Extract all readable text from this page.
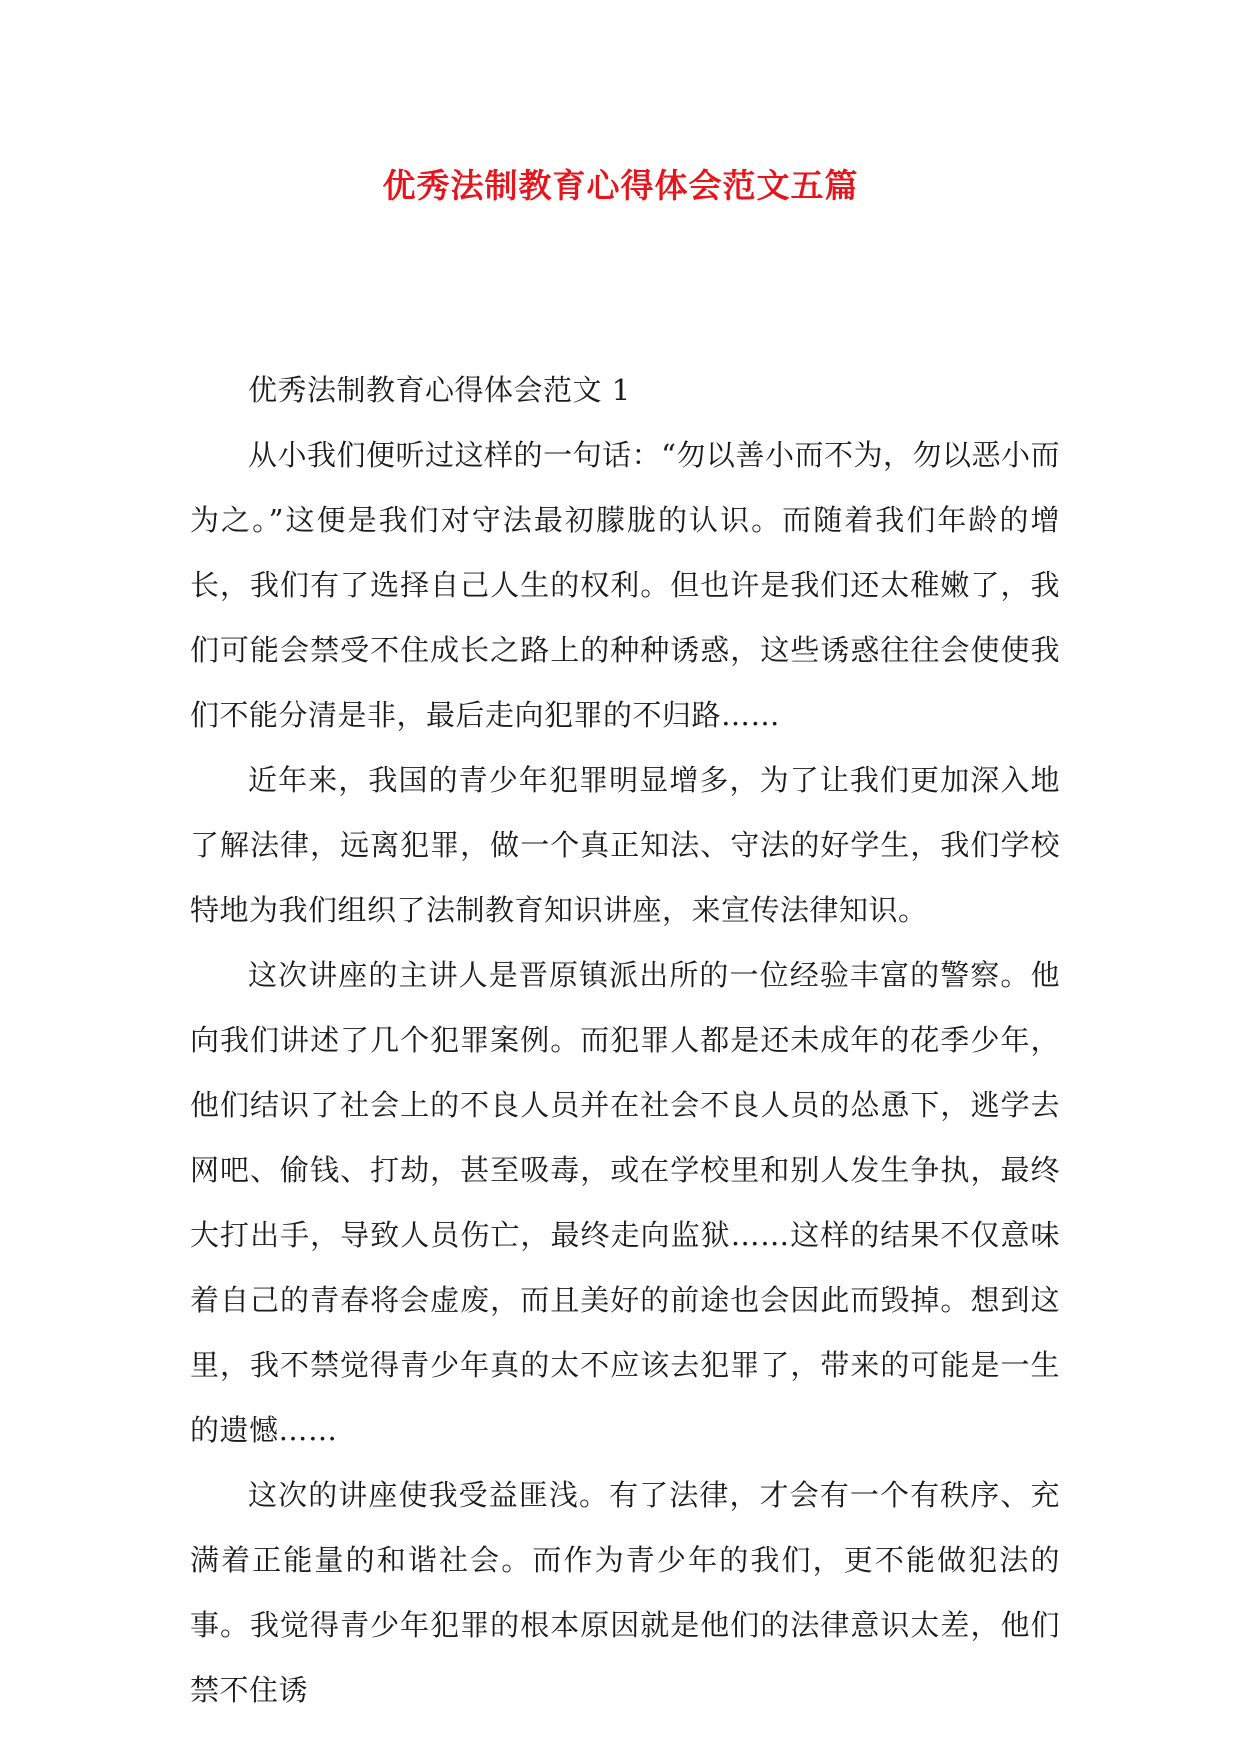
优秀法制教育心得体会范文五篇

优秀法制教育心得体会范文 1

从小我们便听过这样的一句话：“勿以善小而不为，勿以恶小而为之。”这便是我们对守法最初朦胧的认识。而随着我们年龄的增长，我们有了选择自己人生的权利。但也许是我们还太稚嫩了，我们可能会禁受不住成长之路上的种种诱惑，这些诱惑往往会使使我们不能分清是非，最后走向犯罪的不归路……

近年来，我国的青少年犯罪明显增多，为了让我们更加深入地了解法律，远离犯罪，做一个真正知法、守法的好学生，我们学校特地为我们组织了法制教育知识讲座，来宣传法律知识。

这次讲座的主讲人是晋原镇派出所的一位经验丰富的警察。他向我们讲述了几个犯罪案例。而犯罪人都是还未成年的花季少年，他们结识了社会上的不良人员并在社会不良人员的怂恿下，逃学去网吧、偷钱、打劫，甚至吸毒，或在学校里和别人发生争执，最终大打出手，导致人员伤亡，最终走向监狱……这样的结果不仅意味着自己的青春将会虚废，而且美好的前途也会因此而毁掉。想到这里，我不禁觉得青少年真的太不应该去犯罪了，带来的可能是一生的遗憾……

这次的讲座使我受益匪浅。有了法律，才会有一个有秩序、充满着正能量的和谐社会。而作为青少年的我们，更不能做犯法的事。我觉得青少年犯罪的根本原因就是他们的法律意识太差，他们禁不住诱
